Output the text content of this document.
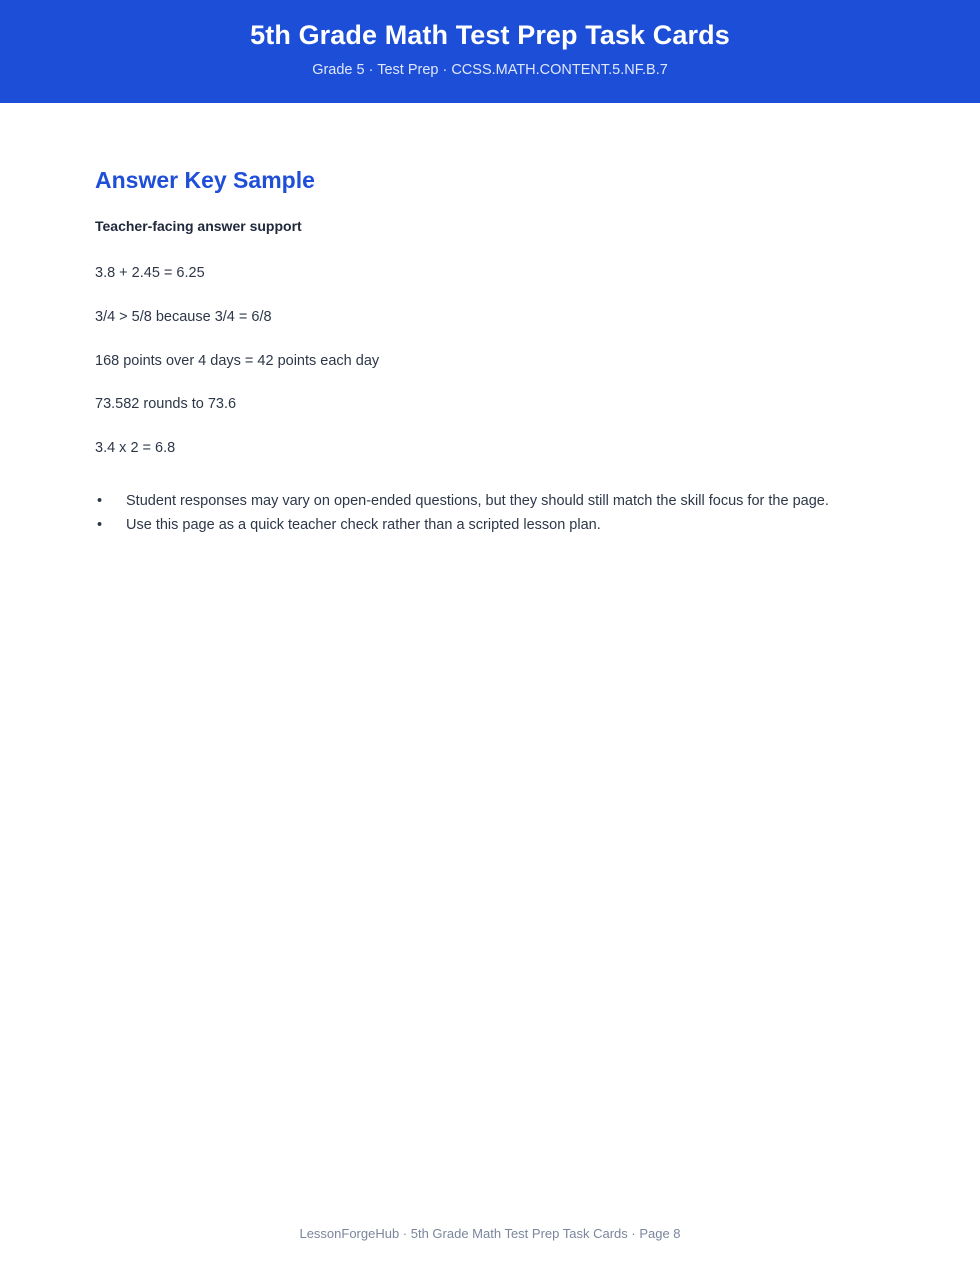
5th Grade Math Test Prep Task Cards
Grade 5 · Test Prep · CCSS.MATH.CONTENT.5.NF.B.7
Answer Key Sample
Teacher-facing answer support
3.8 + 2.45 = 6.25
3/4 > 5/8 because 3/4 = 6/8
168 points over 4 days = 42 points each day
73.582 rounds to 73.6
3.4 x 2 = 6.8
• Student responses may vary on open-ended questions, but they should still match the skill focus for the page.
• Use this page as a quick teacher check rather than a scripted lesson plan.
LessonForgeHub · 5th Grade Math Test Prep Task Cards · Page 8
